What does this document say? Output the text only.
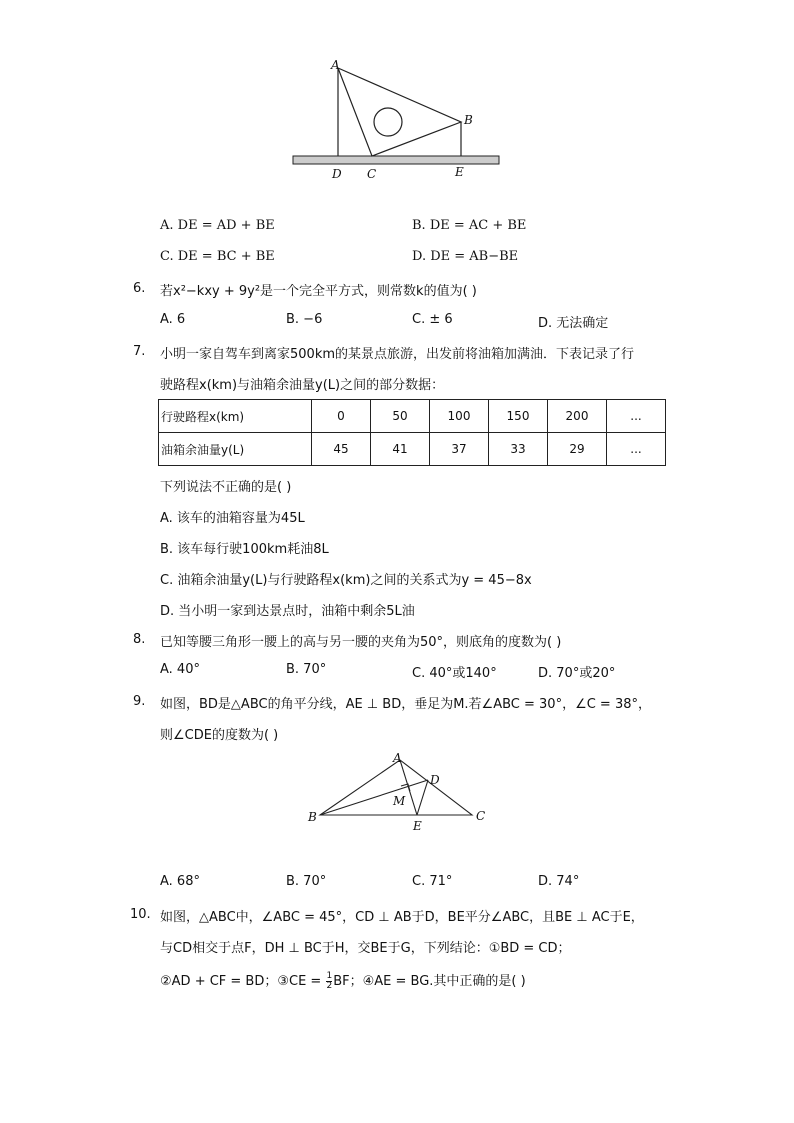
A
B
C
D	E
A. DE = AD + BE	B. DE = AC + BE
C. DE = BC + BE	D. DE = AB−BE
6. 若x²−kxy + 9y²是一个完全平方式，则常数k的值为( )
A. 6	B. −6	C. ± 6	D. 无法确定
7. 小明一家自驾车到离家500km的某景点旅游，出发前将油箱加满油．下表记录了行
驶路程x(km)与油箱余油量y(L)之间的部分数据：
行驶路程x(km)	0	50	100	150	200	...
油箱余油量y(L)	45	41	37	33	29	...
下列说法不正确的是( )
A. 该车的油箱容量为45L
B. 该车每行驶100km耗油8L
C. 油箱余油量y(L)与行驶路程x(km)之间的关系式为y = 45−8x
D. 当小明一家到达景点时，油箱中剩余5L油
8. 已知等腰三角形一腰上的高与另一腰的夹角为50°，则底角的度数为( )
A. 40°	B. 70°	C. 40°或140°	D. 70°或20°
9. 如图，BD是△ABC的角平分线，AE ⊥ BD，垂足为M.若∠ABC = 30°，∠C = 38°，
则∠CDE的度数为( )
A
B	C
D
E
M
A. 68°	B. 70°	C. 71°	D. 74°
10. 如图，△ABC中，∠ABC = 45°，CD ⊥ AB于D，BE平分∠ABC，且BE ⊥ AC于E，
与CD相交于点F，DH ⊥ BC于H，交BE于G，下列结论：①BD = CD；
②AD + CF = BD；③CE = $\frac{1}{2}$ BF；④AE = BG.其中正确的是( )
